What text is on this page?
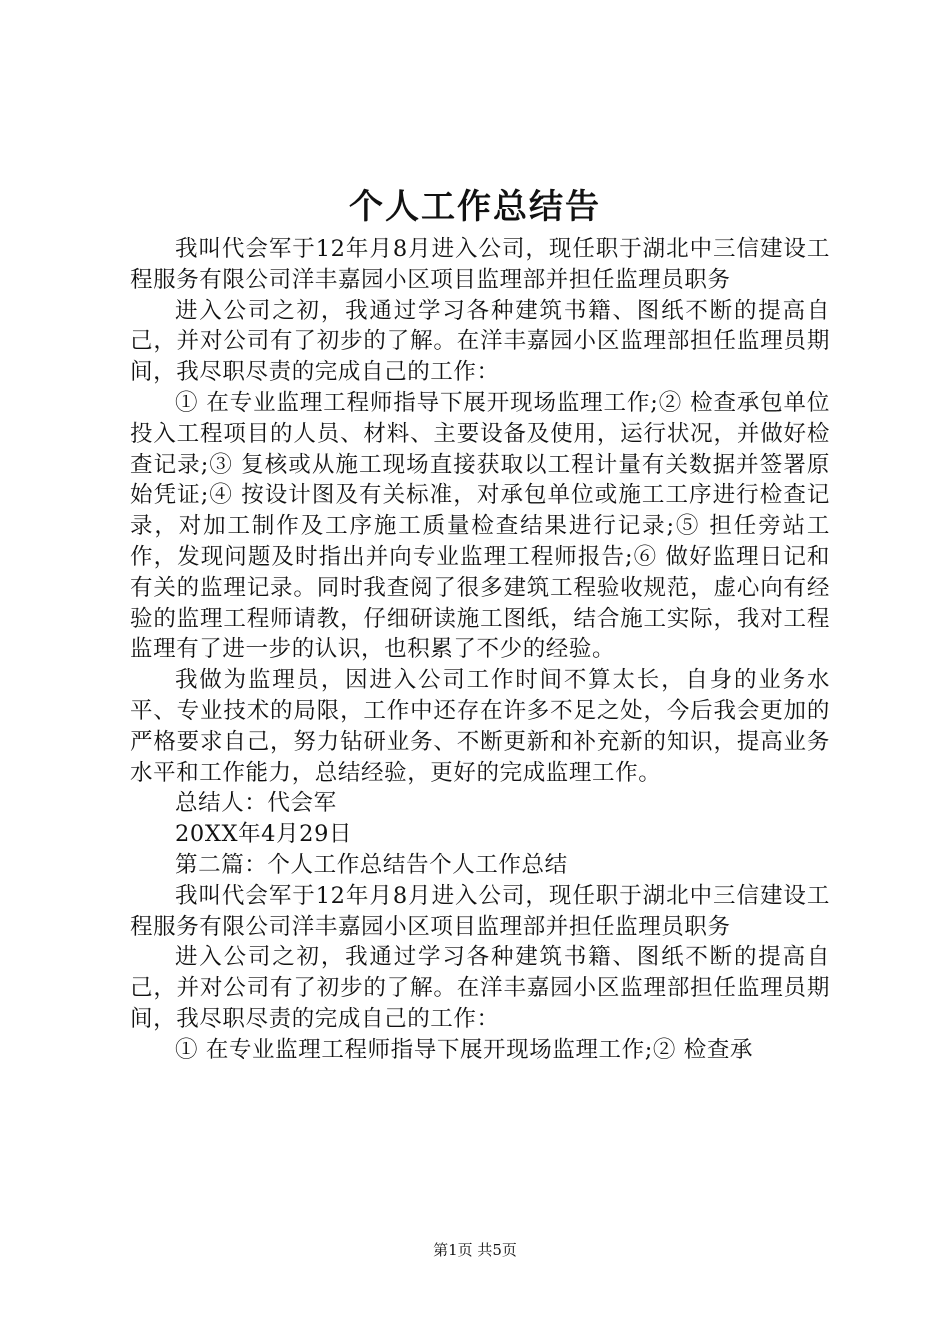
个人工作总结告

我叫代会军于12年月8月进入公司，现任职于湖北中三信建设工程服务有限公司洋丰嘉园小区项目监理部并担任监理员职务

进入公司之初，我通过学习各种建筑书籍、图纸不断的提高自己，并对公司有了初步的了解。在洋丰嘉园小区监理部担任监理员期间，我尽职尽责的完成自己的工作：

① 在专业监理工程师指导下展开现场监理工作;② 检查承包单位投入工程项目的人员、材料、主要设备及使用，运行状况，并做好检查记录;③ 复核或从施工现场直接获取以工程计量有关数据并签署原始凭证;④ 按设计图及有关标准，对承包单位或施工工序进行检查记录，对加工制作及工序施工质量检查结果进行记录;⑤ 担任旁站工作，发现问题及时指出并向专业监理工程师报告;⑥ 做好监理日记和有关的监理记录。同时我查阅了很多建筑工程验收规范，虚心向有经验的监理工程师请教，仔细研读施工图纸，结合施工实际，我对工程监理有了进一步的认识，也积累了不少的经验。

我做为监理员，因进入公司工作时间不算太长，自身的业务水平、专业技术的局限，工作中还存在许多不足之处，今后我会更加的严格要求自己，努力钻研业务、不断更新和补充新的知识，提高业务水平和工作能力，总结经验，更好的完成监理工作。

总结人：代会军

20XX年4月29日

第二篇：个人工作总结告个人工作总结

我叫代会军于12年月8月进入公司，现任职于湖北中三信建设工程服务有限公司洋丰嘉园小区项目监理部并担任监理员职务

进入公司之初，我通过学习各种建筑书籍、图纸不断的提高自己，并对公司有了初步的了解。在洋丰嘉园小区监理部担任监理员期间，我尽职尽责的完成自己的工作：

① 在专业监理工程师指导下展开现场监理工作;② 检查承

第1页 共5页
